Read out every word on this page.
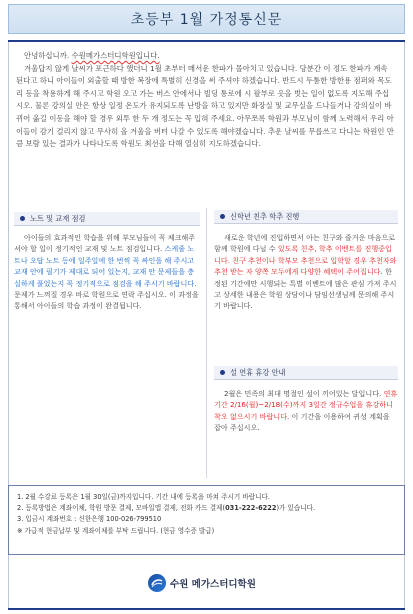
초등부 1월 가정통신문

안녕하십니까. 수원메가스터디학원입니다.

겨울답지 않게 날씨가 포근하다 했더니 1월 초부터 매서운 한파가 몰아치고 있습니다. 당분간 이 정도 한파가 계속 된다고 하니 아이들이 외출할 때 방한 복장에 특별히 신경을 써 주셔야 하겠습니다. 반드시 두툼한 방한용 점퍼와 목도리 등을 착용하게 해 주시고 학원 오고 가는 버스 안에서나 빌딩 통로에 시 팔부로 옷을 벗는 일이 없도록 지도해 주십시오. 물론 강의실 안은 항상 일정 온도가 유지되도록 난방을 하고 있지만 화장실 및 교무실을 드나들거나 강의실이 바뀌어 옮길 이동을 해야 할 경우 외투 한 두 개 정도는 꼭 입혀 주세요. 아무쪼록 학원과 부모님이 함께 노력해서 우리 아이들이 감기 걸리지 않고 무사히 올 겨울을 버텨 나갈 수 있도록 해야겠습니다. 추운 날씨를 무릅쓰고 다니는 학원인 만큼 보람 있는 결과가 나타나도록 학원도 최선을 다해 열심히 지도하겠습니다.

노트 및 교재 점검
아이들의 효과적인 학습을 위해 부모님들이 꼭 체크해주셔야 할 일이 정기적인 교재 및 노트 점검입니다. 스케줄 노트나 오답 노트 등에 일주일에 한 번씩 꼭 싸인을 해 주시고 교재 안에 필기가 제대로 되어 있는지, 교재 안 문제들을 충실하게 풀었는지 꼭 정기적으로 점검을 해 주시기 바랍니다. 문제가 느껴질 경우 바로 학원으로 연락 주십시오. 이 과정을 통해서 아이들의 학습 과정이 완결됩니다.
신학년 친추 학추 진행
새로운 학년에 진입하면서 아는 친구와 즐거운 마음으로 함께 학원에 다닐 수 있도록 친추, 학추 이벤트를 진행중입니다. 친구 추천이나 학부모 추천으로 입학할 경우 추천자와 추천 받는 자 양쪽 모두에게 다양한 혜택이 주어집니다. 한정된 기간에만 시행되는 특별 이벤트에 많은 관심 가져 주시고 상세한 내용은 학원 상담이나 담임선생님께 문의해 주시기 바랍니다.
설 연휴 휴강 안내
2월은 민족의 최대 명절인 설이 끼어있는 달입니다. 연휴 기간 2/16(월)~2/18(수)까지 3일간 정규수업을 휴강하니 착오 없으시기 바랍니다. 이 기간을 이용하여 귀성 계획을 잡아 주십시오.
1. 2월 수강료 등록은 1월 30일(금)까지입니다. 기간 내에 등록을 마쳐 주시기 바랍니다.
2. 등록방법은 계좌이체, 학원 방문 결제, 모바일앱 결제, 전화 카드 결제(031-222-6222)가 있습니다.
3. 입금시 계좌번호 : 신한은행 100-026-799510
※ 가급적 현금납부 및 계좌이체를 부탁 드립니다. (현금 영수증 발급)
수원 메가스터디학원
